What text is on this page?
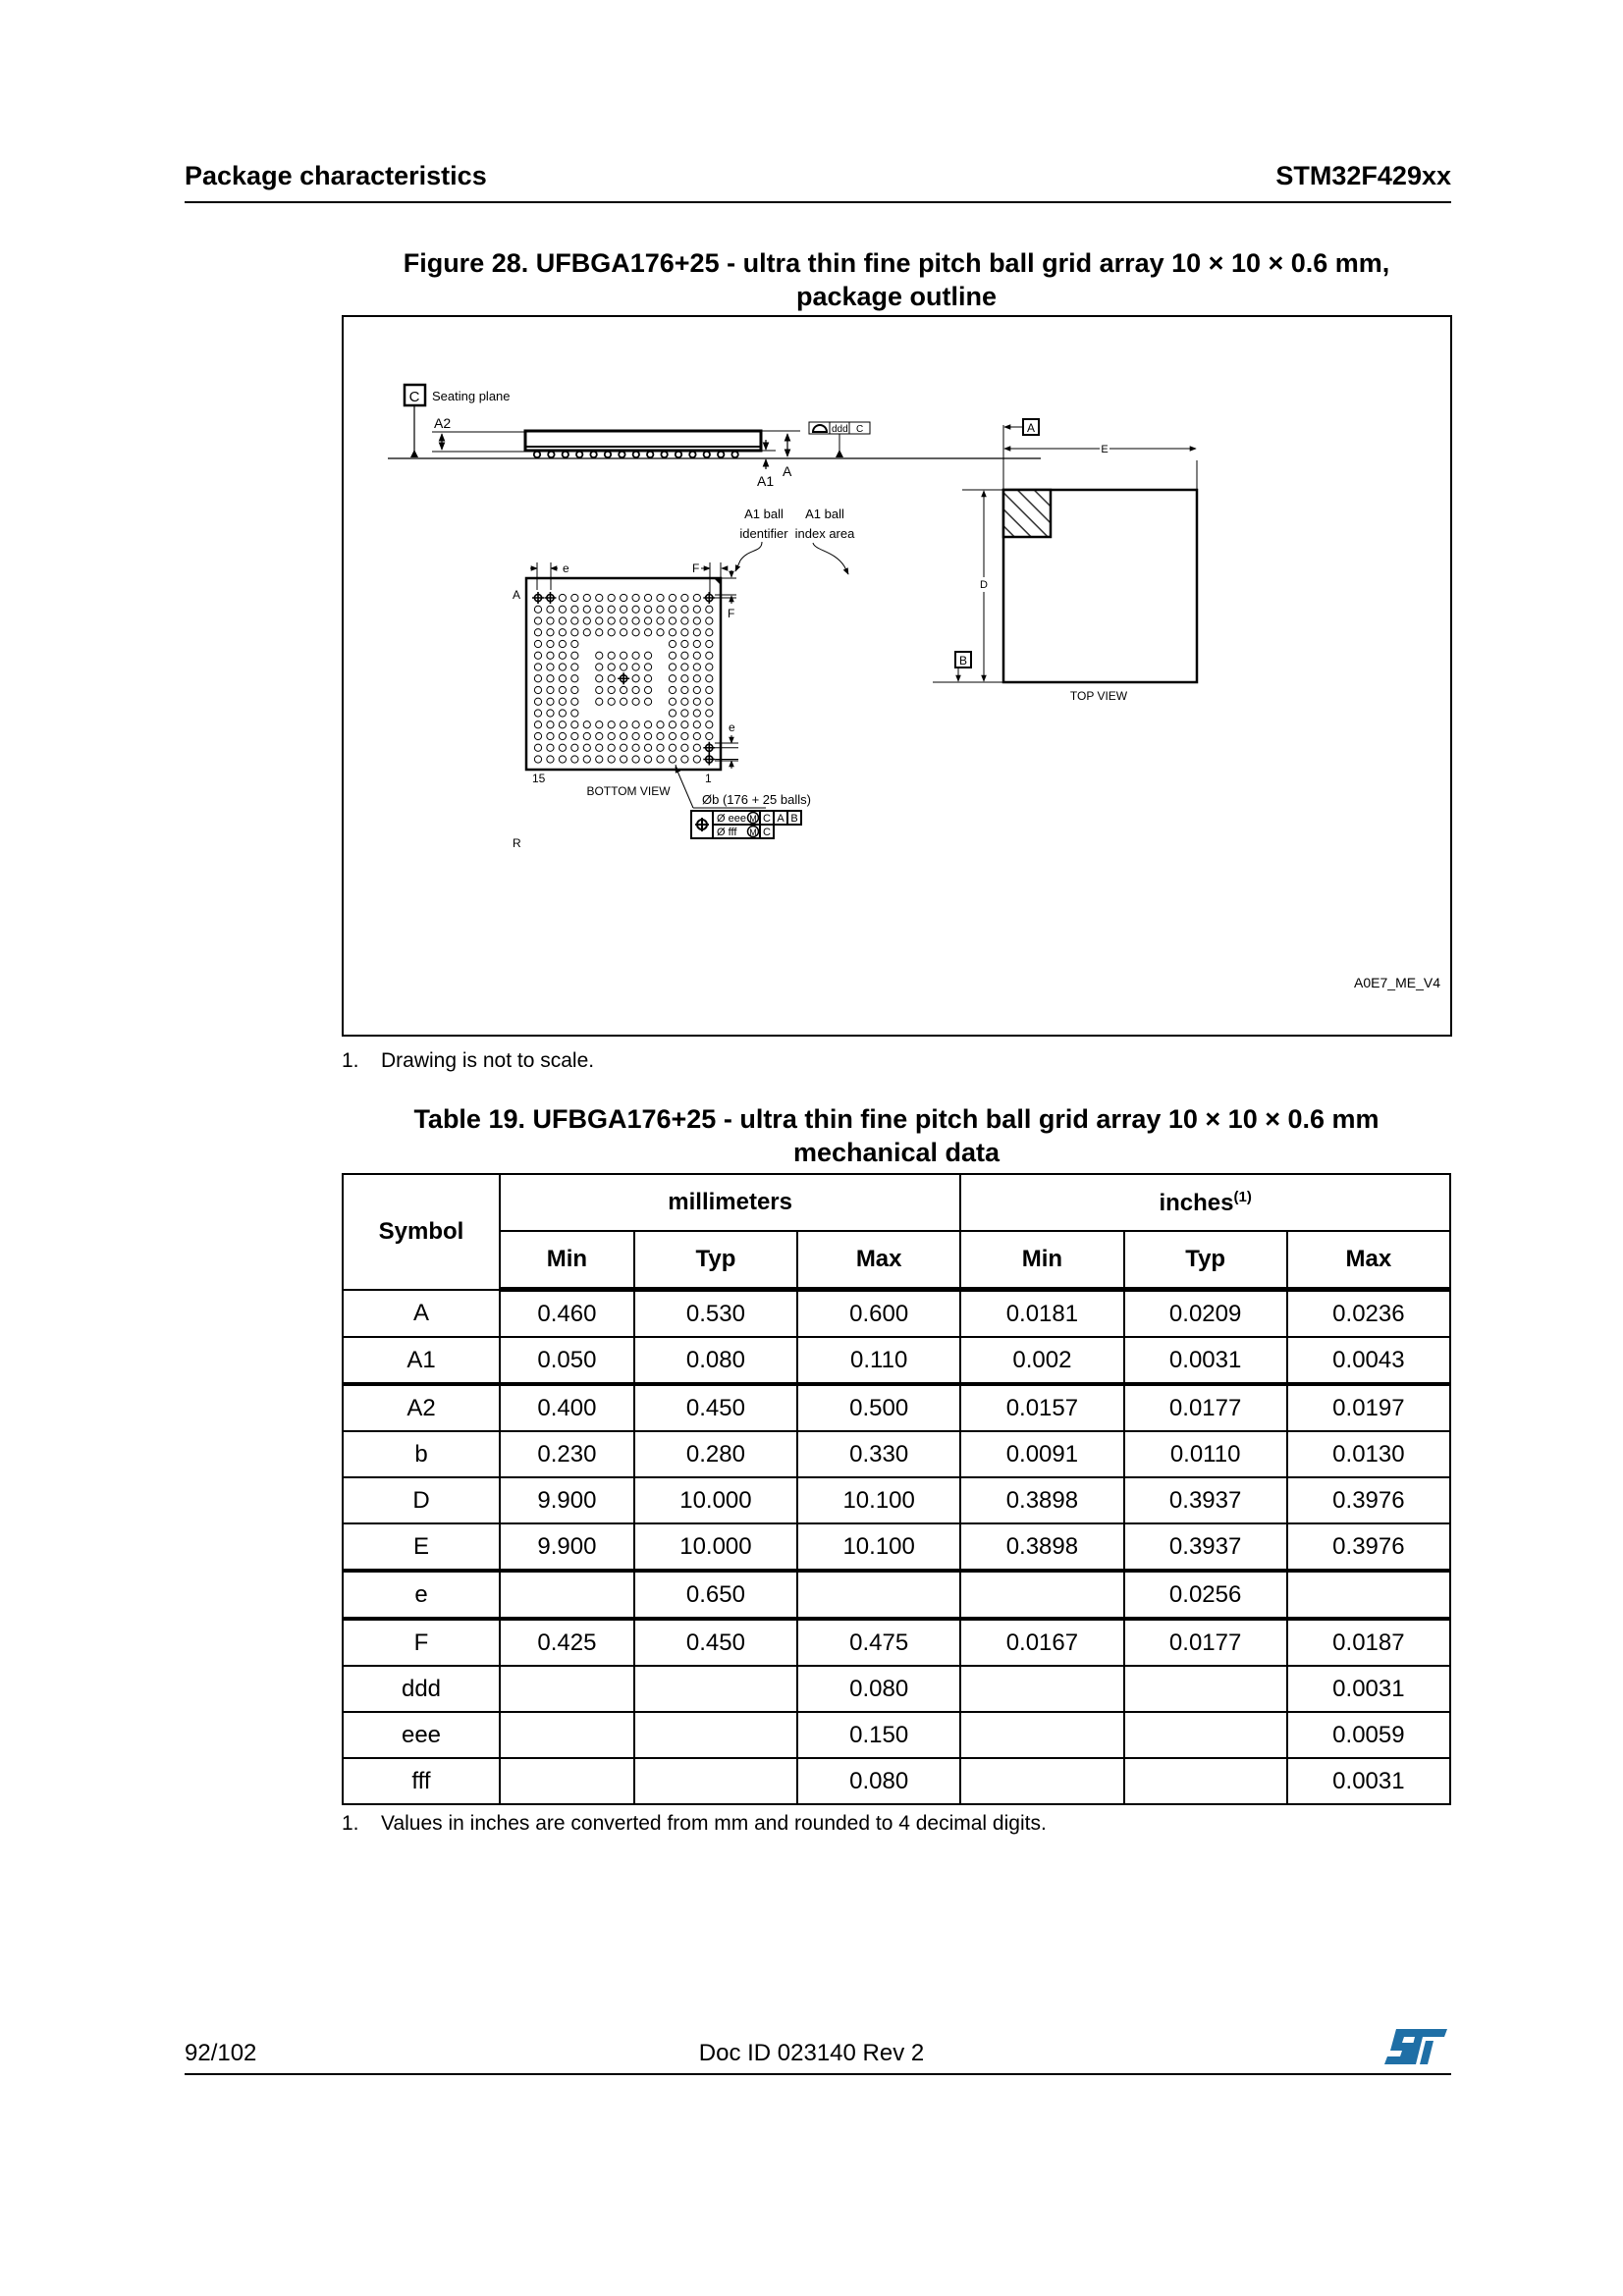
Package characteristics	STM32F429xx
Figure 28. UFBGA176+25 - ultra thin fine pitch ball grid array 10 × 10 × 0.6 mm,
package outline
C Seating plane
A2
A1
A
ddd C
A1 ball
identifier
A1 ball
index area
e	F
F
A
R
15	1
e
BOTTOM VIEW
Øb (176 + 25 balls)
Ø eee
Ø fff
M
M
C A B
C
A
E
D
B
TOP VIEW
A0E7_ME_V4
1. Drawing is not to scale.
Table 19. UFBGA176+25 - ultra thin fine pitch ball grid array 10 × 10 × 0.6 mm
mechanical data
Symbol	millimeters			inches$^{(1)}$
	Min	Typ	Max	Min	Typ	Max
A	0.460	0.530	0.600	0.0181	0.0209	0.0236
A1	0.050	0.080	0.110	0.002	0.0031	0.0043
A2	0.400	0.450	0.500	0.0157	0.0177	0.0197
b	0.230	0.280	0.330	0.0091	0.0110	0.0130
D	9.900	10.000	10.100	0.3898	0.3937	0.3976
E	9.900	10.000	10.100	0.3898	0.3937	0.3976
e		0.650			0.0256	
F	0.425	0.450	0.475	0.0167	0.0177	0.0187
ddd			0.080			0.0031
eee			0.150			0.0059
fff			0.080			0.0031
1. Values in inches are converted from mm and rounded to 4 decimal digits.
92/102	Doc ID 023140 Rev 2
